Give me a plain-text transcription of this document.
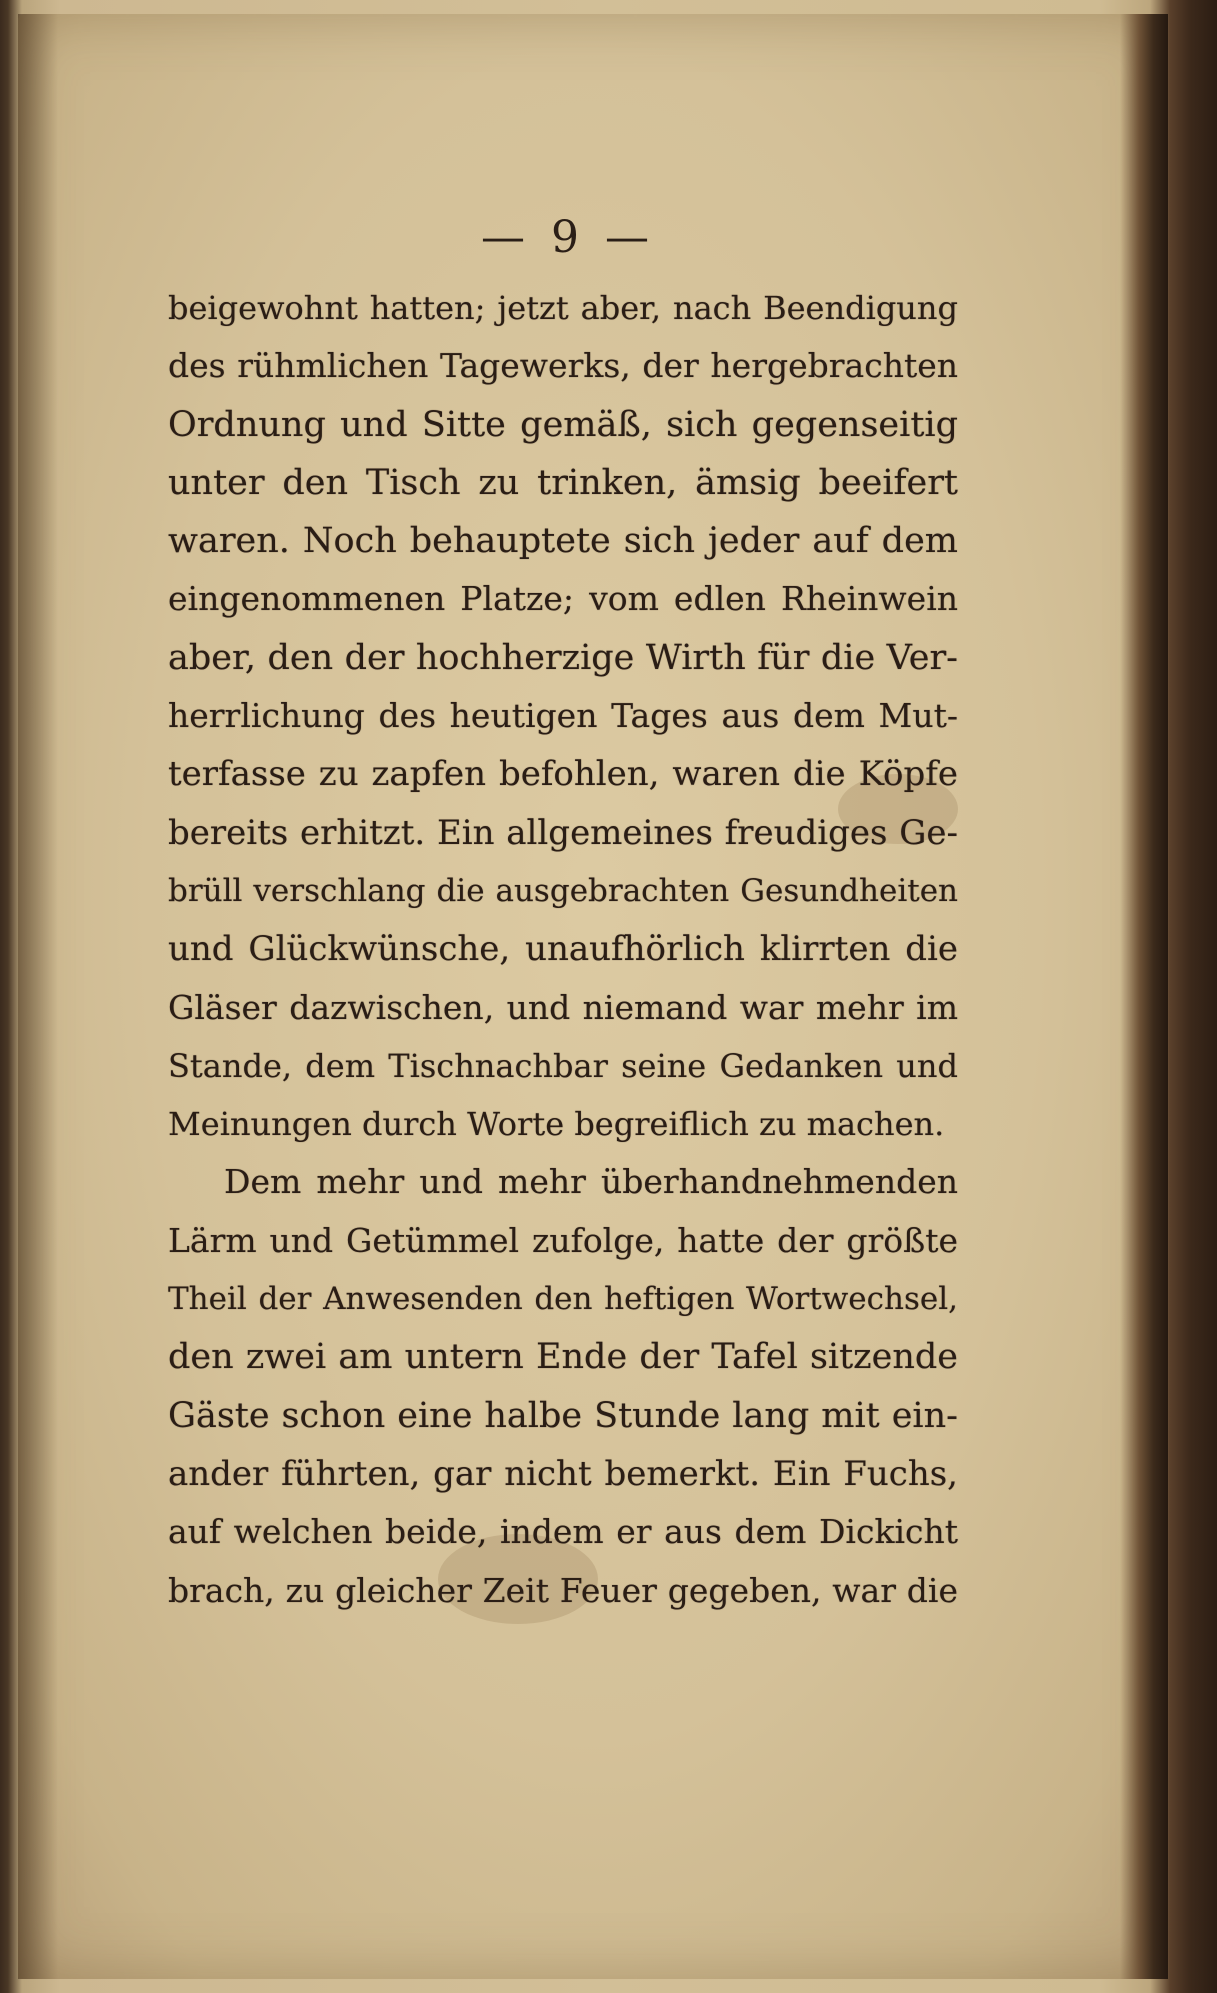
— 9 —
beigewohnt hatten; jetzt aber, nach Beendigung
des rühmlichen Tagewerks, der hergebrachten
Ordnung und Sitte gemäß, sich gegenseitig
unter den Tisch zu trinken, ämsig beeifert
waren. Noch behauptete sich jeder auf dem
eingenommenen Platze; vom edlen Rheinwein
aber, den der hochherzige Wirth für die Ver-
herrlichung des heutigen Tages aus dem Mut-
terfasse zu zapfen befohlen, waren die Köpfe
bereits erhitzt. Ein allgemeines freudiges Ge-
brüll verschlang die ausgebrachten Gesundheiten
und Glückwünsche, unaufhörlich klirrten die
Gläser dazwischen, und niemand war mehr im
Stande, dem Tischnachbar seine Gedanken und
Meinungen durch Worte begreiflich zu machen.
Dem mehr und mehr überhandnehmenden
Lärm und Getümmel zufolge, hatte der größte
Theil der Anwesenden den heftigen Wortwechsel,
den zwei am untern Ende der Tafel sitzende
Gäste schon eine halbe Stunde lang mit ein-
ander führten, gar nicht bemerkt. Ein Fuchs,
auf welchen beide, indem er aus dem Dickicht
brach, zu gleicher Zeit Feuer gegeben, war die
